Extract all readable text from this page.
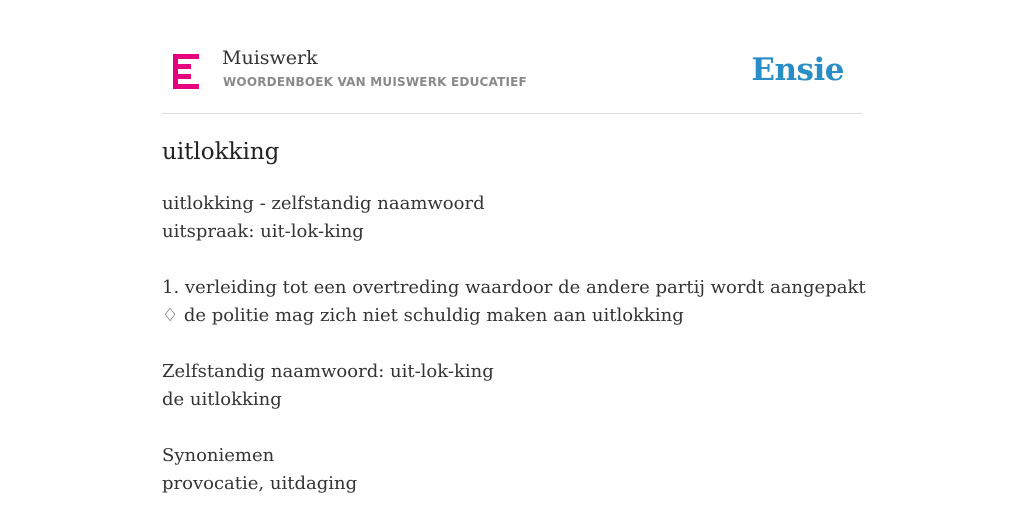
Muiswerk
WOORDENBOEK VAN MUISWERK EDUCATIEF	Ensie
uitlokking
uitlokking - zelfstandig naamwoord
uitspraak: uit-lok-king
1. verleiding tot een overtreding waardoor de andere partij wordt aangepakt
♢ de politie mag zich niet schuldig maken aan uitlokking
Zelfstandig naamwoord: uit-lok-king
de uitlokking
Synoniemen
provocatie, uitdaging
